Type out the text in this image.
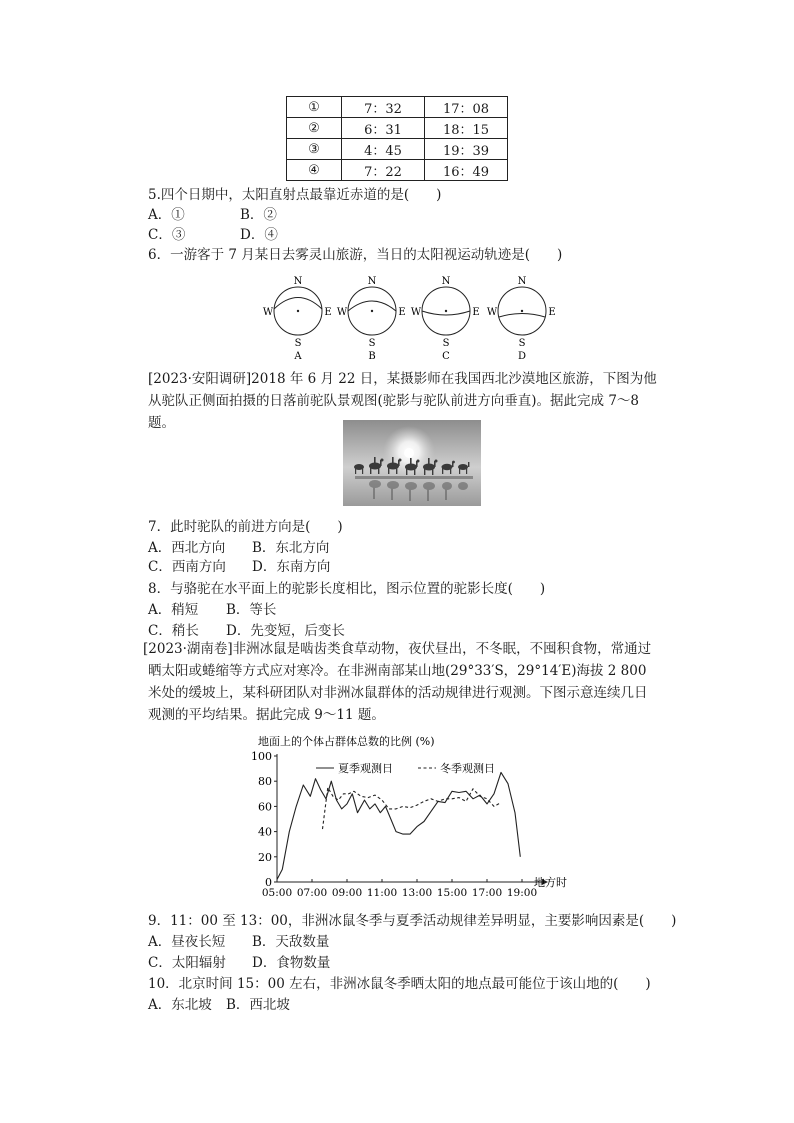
①	7：32	17：08
②	6：31	18：15
③	4：45	19：39
④	7：22	16：49
5.四个日期中，太阳直射点最靠近赤道的是(　　)
A．①	B．②
C．③	D．④
6．一游客于 7 月某日去雾灵山旅游，当日的太阳视运动轨迹是(　　)
N
W	E
S
A
N
W	E
S
B
N
W	E
S
C
N
W	E
S
D
[2023·安阳调研]2018 年 6 月 22 日，某摄影师在我国西北沙漠地区旅游，下图为他从驼队正侧面拍摄的日落前驼队景观图(驼影与驼队前进方向垂直)。据此完成 7～8 题。
7．此时驼队的前进方向是(　　)
A．西北方向 B．东北方向
C．西南方向 D．东南方向
8．与骆驼在水平面上的驼影长度相比，图示位置的驼影长度(　　)
A．稍短 B．等长
C．稍长 D．先变短，后变长
[2023·湖南卷]非洲冰鼠是啮齿类食草动物，夜伏昼出，不冬眠，不囤积食物，常通过晒太阳或蜷缩等方式应对寒冷。在非洲南部某山地(29°33′S，29°14′E)海拔 2 800 米处的缓坡上，某科研团队对非洲冰鼠群体的活动规律进行观测。下图示意连续几日观测的平均结果。据此完成 9～11 题。
地面上的个体占群体总数的比例 (%)
0
20
40
60
80
100
05:00 07:00 09:00 11:00 13:00 15:00 17:00 19:00
夏季观测日	冬季观测日
地方时
9．11：00 至 13：00，非洲冰鼠冬季与夏季活动规律差异明显，主要影响因素是(　　)
A．昼夜长短 B．天敌数量
C．太阳辐射 D．食物数量
10．北京时间 15：00 左右，非洲冰鼠冬季晒太阳的地点最可能位于该山地的(　　)
A．东北坡 B．西北坡
